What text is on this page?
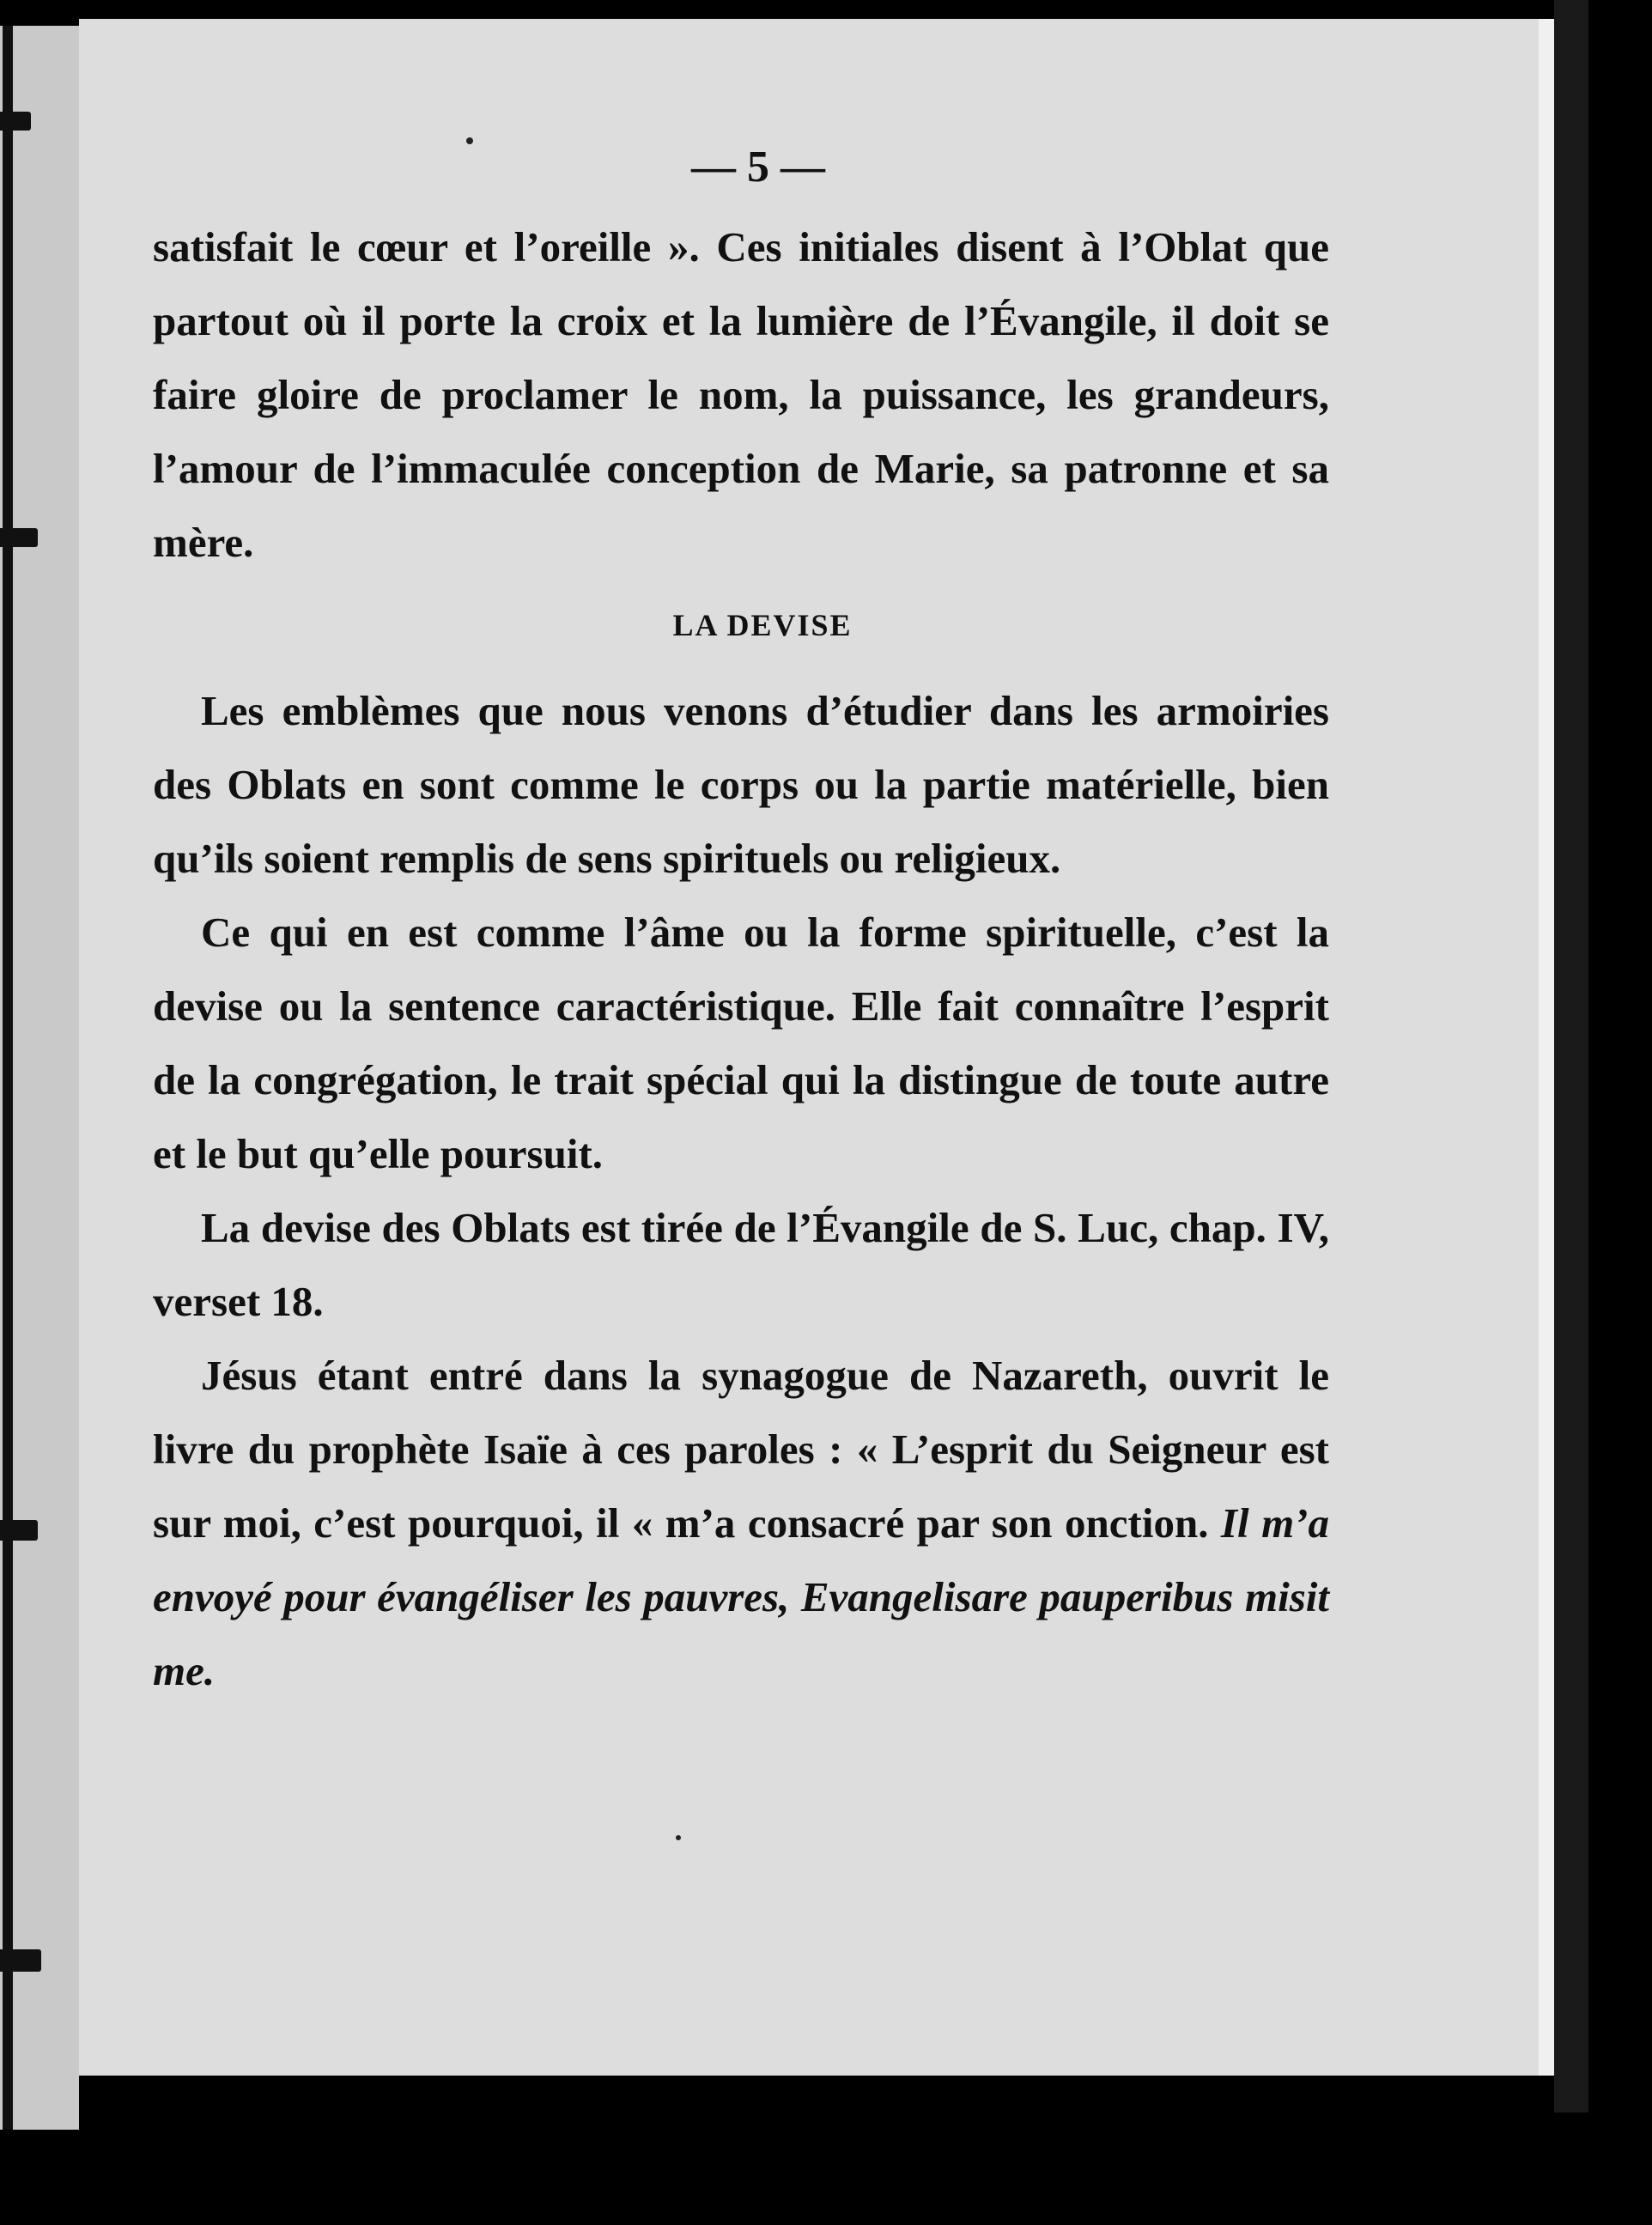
— 5 —

satisfait le cœur et l’oreille ». Ces initiales disent à l’Oblat que partout où il porte la croix et la lumière de l’Évangile, il doit se faire gloire de proclamer le nom, la puissance, les grandeurs, l’amour de l’immaculée conception de Marie, sa patronne et sa mère.

LA DEVISE

Les emblèmes que nous venons d’étudier dans les armoiries des Oblats en sont comme le corps ou la partie matérielle, bien qu’ils soient remplis de sens spirituels ou religieux.

Ce qui en est comme l’âme ou la forme spirituelle, c’est la devise ou la sentence caractéristique. Elle fait connaître l’esprit de la congrégation, le trait spécial qui la distingue de toute autre et le but qu’elle poursuit.

La devise des Oblats est tirée de l’Évangile de S. Luc, chap. IV, verset 18.

Jésus étant entré dans la synagogue de Nazareth, ouvrit le livre du prophète Isaïe à ces paroles : « L’esprit du Seigneur est sur moi, c’est pourquoi, il « m’a consacré par son onction. Il m’a envoyé pour évangéliser les pauvres, Evangelisare pauperibus misit me.
